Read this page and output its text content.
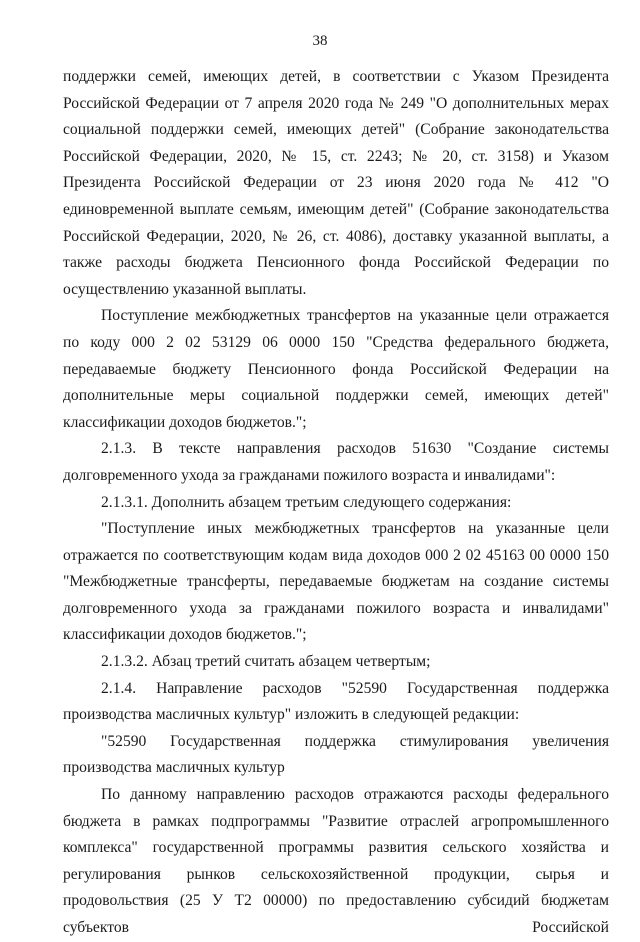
38

поддержки семей, имеющих детей, в соответствии с Указом Президента Российской Федерации от 7 апреля 2020 года № 249 "О дополнительных мерах социальной поддержки семей, имеющих детей" (Собрание законодательства Российской Федерации, 2020, № 15, ст. 2243; № 20, ст. 3158) и Указом Президента Российской Федерации от 23 июня 2020 года № 412 "О единовременной выплате семьям, имеющим детей" (Собрание законодательства Российской Федерации, 2020, № 26, ст. 4086), доставку указанной выплаты, а также расходы бюджета Пенсионного фонда Российской Федерации по осуществлению указанной выплаты.

Поступление межбюджетных трансфертов на указанные цели отражается по коду 000 2 02 53129 06 0000 150 "Средства федерального бюджета, передаваемые бюджету Пенсионного фонда Российской Федерации на дополнительные меры социальной поддержки семей, имеющих детей" классификации доходов бюджетов.";

2.1.3. В тексте направления расходов 51630 "Создание системы долговременного ухода за гражданами пожилого возраста и инвалидами":

2.1.3.1. Дополнить абзацем третьим следующего содержания:

"Поступление иных межбюджетных трансфертов на указанные цели отражается по соответствующим кодам вида доходов 000 2 02 45163 00 0000 150 "Межбюджетные трансферты, передаваемые бюджетам на создание системы долговременного ухода за гражданами пожилого возраста и инвалидами" классификации доходов бюджетов.";

2.1.3.2. Абзац третий считать абзацем четвертым;

2.1.4. Направление расходов "52590 Государственная поддержка производства масличных культур" изложить в следующей редакции:

"52590 Государственная поддержка стимулирования увеличения производства масличных культур

По данному направлению расходов отражаются расходы федерального бюджета в рамках подпрограммы "Развитие отраслей агропромышленного комплекса" государственной программы развития сельского хозяйства и регулирования рынков сельскохозяйственной продукции, сырья и продовольствия (25 У Т2 00000) по предоставлению субсидий бюджетам субъектов Российской
